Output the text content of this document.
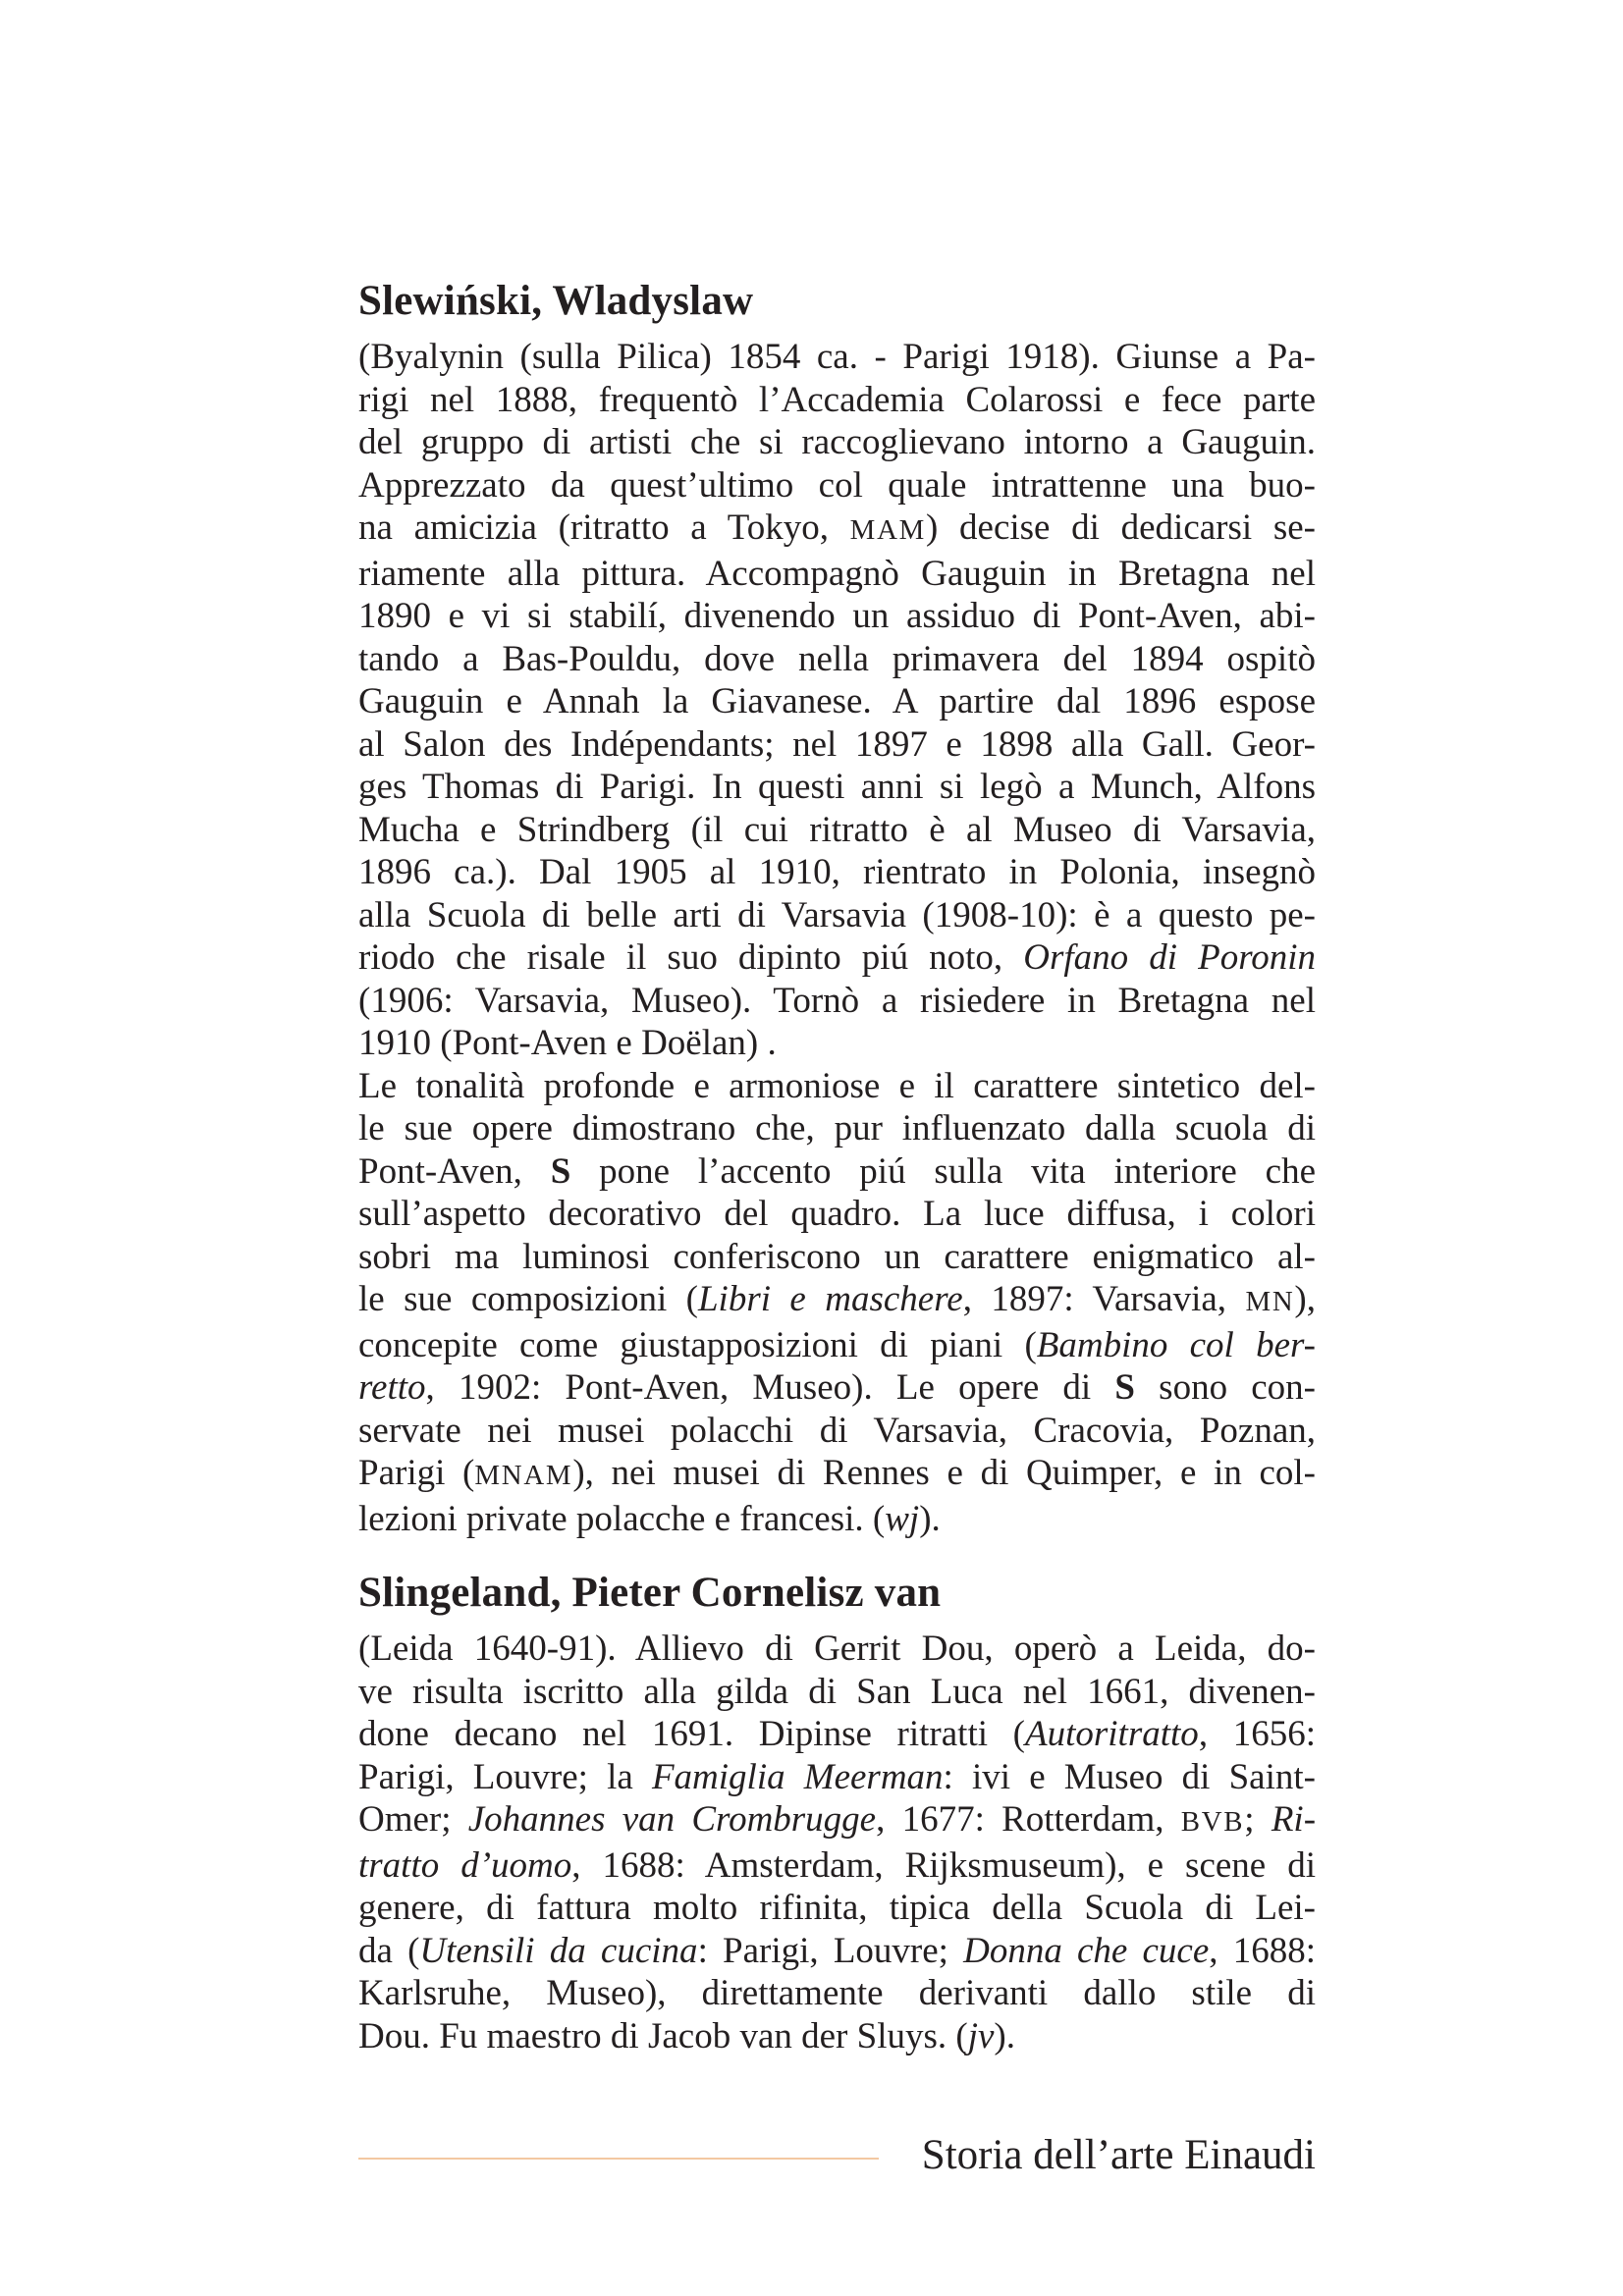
Slewiński, Wladyslaw
(Byalynin (sulla Pilica) 1854 ca. - Parigi 1918). Giunse a Pa-
rigi nel 1888, frequentò l’Accademia Colarossi e fece parte
del gruppo di artisti che si raccoglievano intorno a Gauguin.
Apprezzato da quest’ultimo col quale intrattenne una buo-
na amicizia (ritratto a Tokyo, MAM) decise di dedicarsi se-
riamente alla pittura. Accompagnò Gauguin in Bretagna nel
1890 e vi si stabilí, divenendo un assiduo di Pont-Aven, abi-
tando a Bas-Pouldu, dove nella primavera del 1894 ospitò
Gauguin e Annah la Giavanese. A partire dal 1896 espose
al Salon des Indépendants; nel 1897 e 1898 alla Gall. Geor-
ges Thomas di Parigi. In questi anni si legò a Munch, Alfons
Mucha e Strindberg (il cui ritratto è al Museo di Varsavia,
1896 ca.). Dal 1905 al 1910, rientrato in Polonia, insegnò
alla Scuola di belle arti di Varsavia (1908-10): è a questo pe-
riodo che risale il suo dipinto piú noto, Orfano di Poronin
(1906: Varsavia, Museo). Tornò a risiedere in Bretagna nel
1910 (Pont-Aven e Doëlan) .
Le tonalità profonde e armoniose e il carattere sintetico del-
le sue opere dimostrano che, pur influenzato dalla scuola di
Pont-Aven, S pone l’accento piú sulla vita interiore che
sull’aspetto decorativo del quadro. La luce diffusa, i colori
sobri ma luminosi conferiscono un carattere enigmatico al-
le sue composizioni (Libri e maschere, 1897: Varsavia, MN),
concepite come giustapposizioni di piani (Bambino col ber-
retto, 1902: Pont-Aven, Museo). Le opere di S sono con-
servate nei musei polacchi di Varsavia, Cracovia, Poznan,
Parigi (MNAM), nei musei di Rennes e di Quimper, e in col-
lezioni private polacche e francesi. (wj).
Slingeland, Pieter Cornelisz van
(Leida 1640-91). Allievo di Gerrit Dou, operò a Leida, do-
ve risulta iscritto alla gilda di San Luca nel 1661, divenen-
done decano nel 1691. Dipinse ritratti (Autoritratto, 1656:
Parigi, Louvre; la Famiglia Meerman: ivi e Museo di Saint-
Omer; Johannes van Crombrugge, 1677: Rotterdam, BVB; Ri-
tratto d’uomo, 1688: Amsterdam, Rijksmuseum), e scene di
genere, di fattura molto rifinita, tipica della Scuola di Lei-
da (Utensili da cucina: Parigi, Louvre; Donna che cuce, 1688:
Karlsruhe, Museo), direttamente derivanti dallo stile di
Dou. Fu maestro di Jacob van der Sluys. (jv).
Storia dell’arte Einaudi
